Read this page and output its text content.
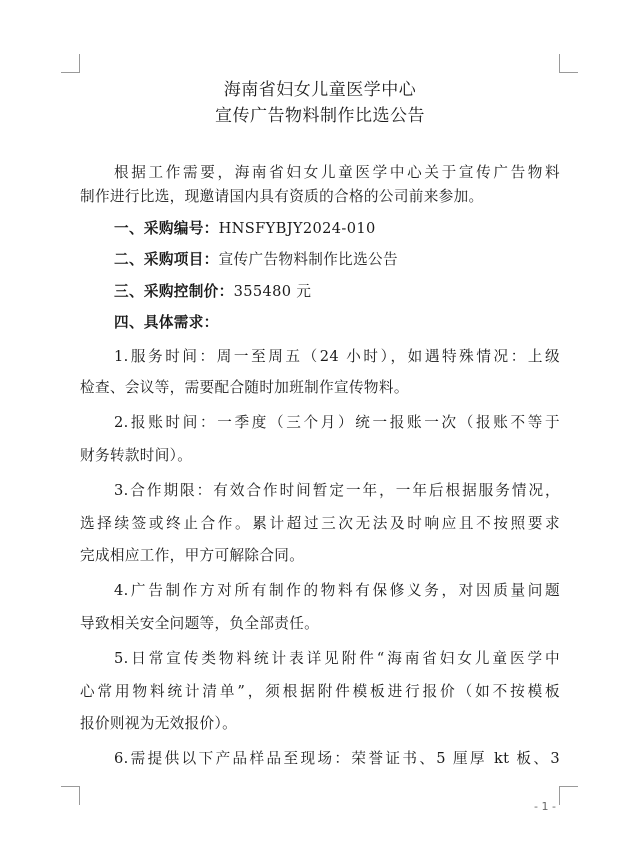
海南省妇女儿童医学中心
宣传广告物料制作比选公告
根据工作需要，海南省妇女儿童医学中心关于宣传广告物料
制作进行比选，现邀请国内具有资质的合格的公司前来参加。
一、采购编号：HNSFYBJY2024-010
二、采购项目：宣传广告物料制作比选公告
三、采购控制价：355480 元
四、具体需求：
1.服务时间：周一至周五（24 小时），如遇特殊情况：上级
检查、会议等，需要配合随时加班制作宣传物料。
2.报账时间：一季度（三个月）统一报账一次（报账不等于
财务转款时间）。
3.合作期限：有效合作时间暂定一年，一年后根据服务情况，
选择续签或终止合作。累计超过三次无法及时响应且不按照要求
完成相应工作，甲方可解除合同。
4.广告制作方对所有制作的物料有保修义务，对因质量问题
导致相关安全问题等，负全部责任。
5.日常宣传类物料统计表详见附件“海南省妇女儿童医学中
心常用物料统计清单”，须根据附件模板进行报价（如不按模板
报价则视为无效报价）。
6.需提供以下产品样品至现场：荣誉证书、5 厘厚 kt 板、3
- 1 -
